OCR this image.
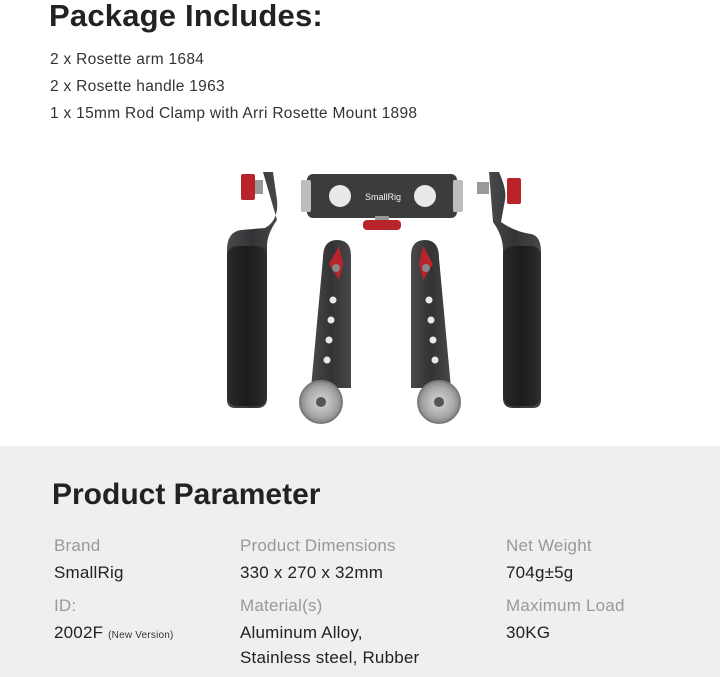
Package Includes:
2 x Rosette arm 1684
2 x Rosette handle 1963
1 x 15mm Rod Clamp with Arri Rosette Mount 1898
SmallRig
Product Parameter
Brand
SmallRig
Product Dimensions
330 x 270 x 32mm
Net Weight
704g±5g
ID:
2002F (New Version)
Material(s)
Aluminum Alloy,
Stainless steel, Rubber
Maximum Load
30KG
